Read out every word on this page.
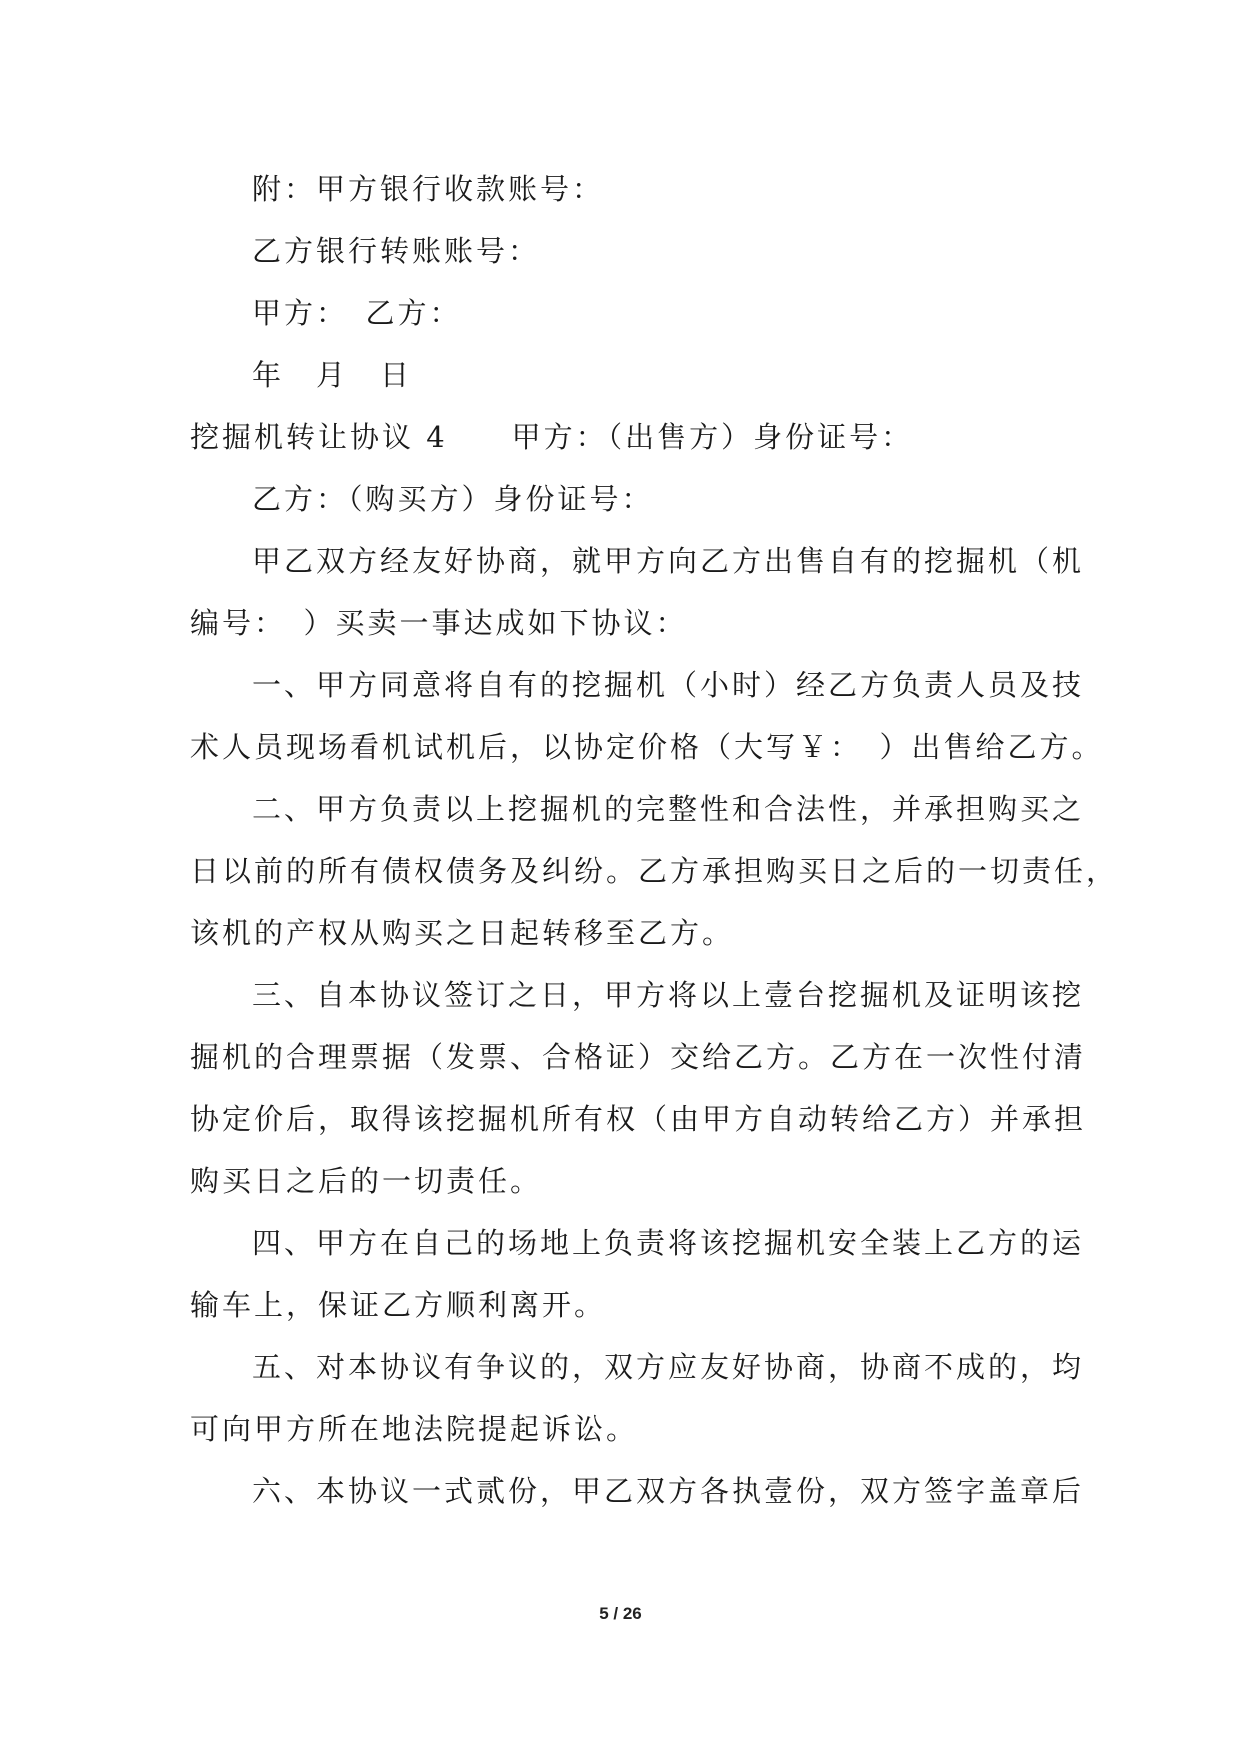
附：甲方银行收款账号：
乙方银行转账账号：
甲方：　乙方：
年　月　日
挖掘机转让协议 4 甲方：（出售方）身份证号：
乙方：（购买方）身份证号：
甲乙双方经友好协商，就甲方向乙方出售自有的挖掘机（机
编号：　）买卖一事达成如下协议：
一、甲方同意将自有的挖掘机（小时）经乙方负责人员及技
术人员现场看机试机后，以协定价格（大写￥：　）出售给乙方。
二、甲方负责以上挖掘机的完整性和合法性，并承担购买之
日以前的所有债权债务及纠纷。乙方承担购买日之后的一切责任，
该机的产权从购买之日起转移至乙方。
三、自本协议签订之日，甲方将以上壹台挖掘机及证明该挖
掘机的合理票据（发票、合格证）交给乙方。乙方在一次性付清
协定价后，取得该挖掘机所有权（由甲方自动转给乙方）并承担
购买日之后的一切责任。
四、甲方在自己的场地上负责将该挖掘机安全装上乙方的运
输车上，保证乙方顺利离开。
五、对本协议有争议的，双方应友好协商，协商不成的，均
可向甲方所在地法院提起诉讼。
六、本协议一式贰份，甲乙双方各执壹份，双方签字盖章后
5 / 26
